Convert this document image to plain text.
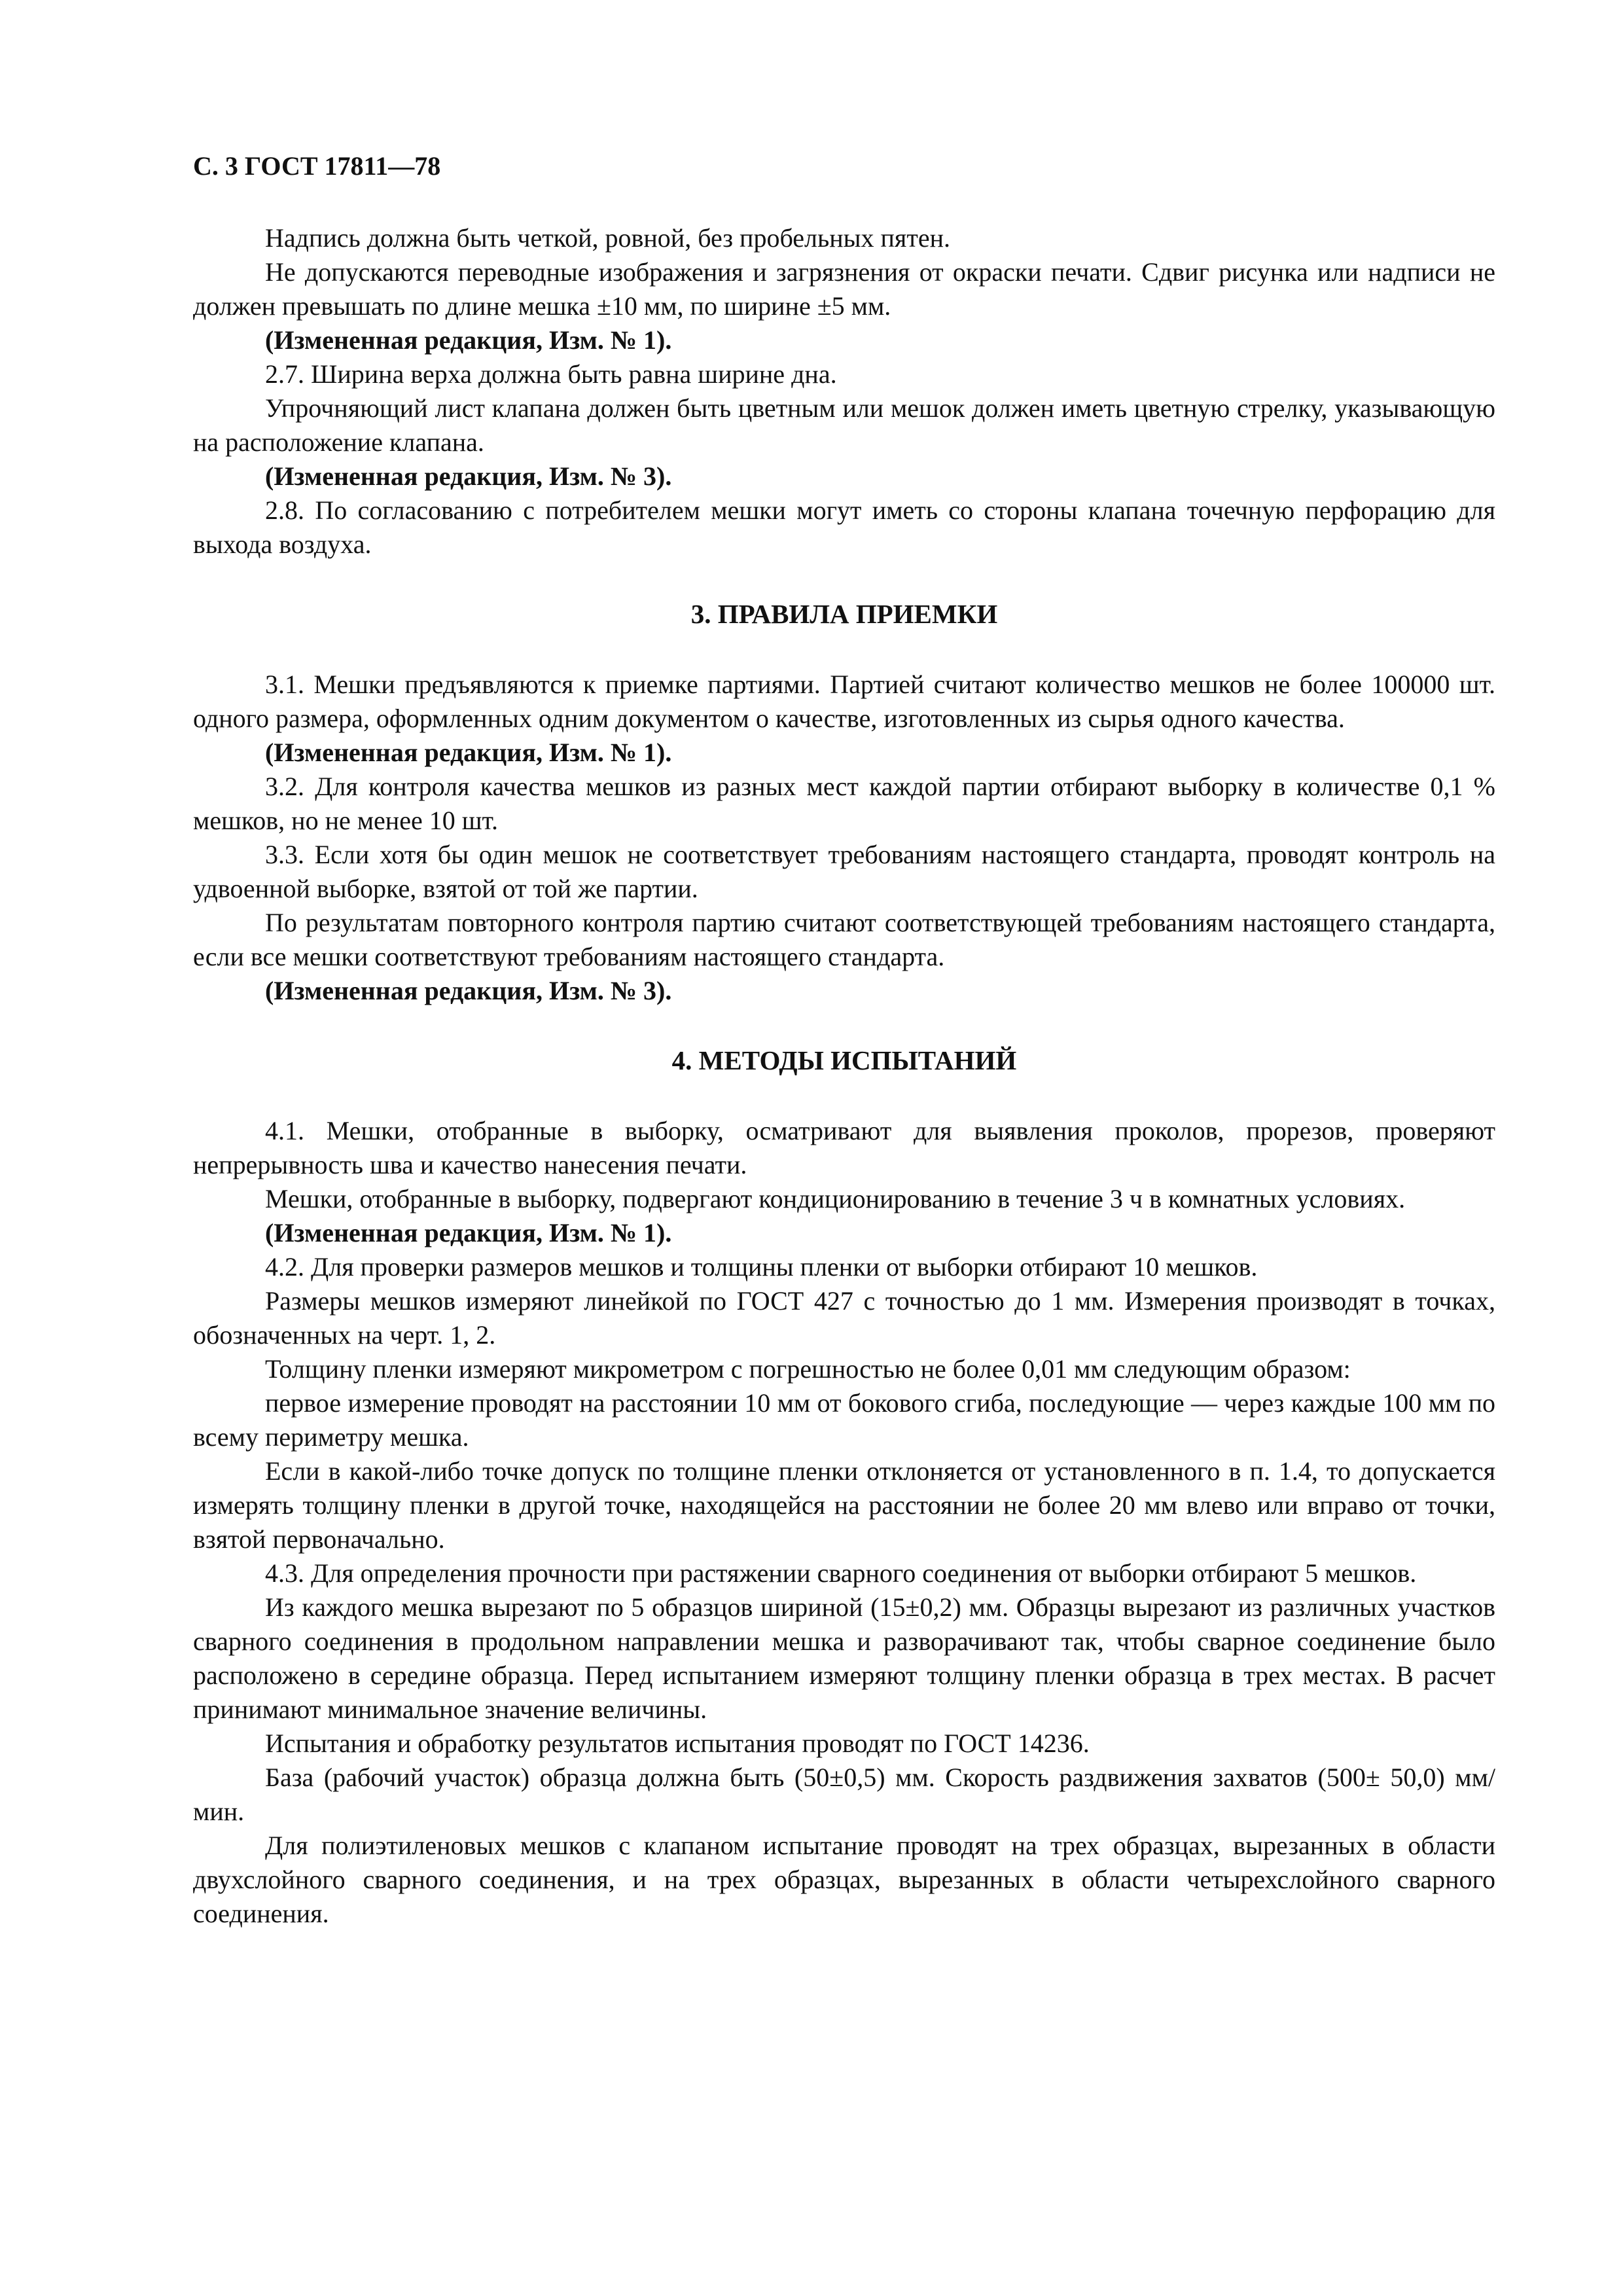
С. 3 ГОСТ 17811—78

Надпись должна быть четкой, ровной, без пробельных пятен.

Не допускаются переводные изображения и загрязнения от окраски печати. Сдвиг рисунка или надписи не должен превышать по длине мешка ±10 мм, по ширине ±5 мм.

(Измененная редакция, Изм. № 1).

2.7. Ширина верха должна быть равна ширине дна.

Упрочняющий лист клапана должен быть цветным или мешок должен иметь цветную стрелку, указывающую на расположение клапана.

(Измененная редакция, Изм. № 3).

2.8. По согласованию с потребителем мешки могут иметь со стороны клапана точечную перфорацию для выхода воздуха.

3. ПРАВИЛА ПРИЕМКИ

3.1. Мешки предъявляются к приемке партиями. Партией считают количество мешков не более 100000 шт. одного размера, оформленных одним документом о качестве, изготовленных из сырья одного качества.

(Измененная редакция, Изм. № 1).

3.2. Для контроля качества мешков из разных мест каждой партии отбирают выборку в количестве 0,1 % мешков, но не менее 10 шт.

3.3. Если хотя бы один мешок не соответствует требованиям настоящего стандарта, проводят контроль на удвоенной выборке, взятой от той же партии.

По результатам повторного контроля партию считают соответствующей требованиям настоящего стандарта, если все мешки соответствуют требованиям настоящего стандарта.

(Измененная редакция, Изм. № 3).

4. МЕТОДЫ ИСПЫТАНИЙ

4.1. Мешки, отобранные в выборку, осматривают для выявления проколов, прорезов, проверяют непрерывность шва и качество нанесения печати.

Мешки, отобранные в выборку, подвергают кондиционированию в течение 3 ч в комнатных условиях.

(Измененная редакция, Изм. № 1).

4.2. Для проверки размеров мешков и толщины пленки от выборки отбирают 10 мешков.

Размеры мешков измеряют линейкой по ГОСТ 427 с точностью до 1 мм. Измерения производят в точках, обозначенных на черт. 1, 2.

Толщину пленки измеряют микрометром с погрешностью не более 0,01 мм следующим образом:

первое измерение проводят на расстоянии 10 мм от бокового сгиба, последующие — через каждые 100 мм по всему периметру мешка.

Если в какой-либо точке допуск по толщине пленки отклоняется от установленного в п. 1.4, то допускается измерять толщину пленки в другой точке, находящейся на расстоянии не более 20 мм влево или вправо от точки, взятой первоначально.

4.3. Для определения прочности при растяжении сварного соединения от выборки отбирают 5 мешков.

Из каждого мешка вырезают по 5 образцов шириной (15±0,2) мм. Образцы вырезают из различных участков сварного соединения в продольном направлении мешка и разворачивают так, чтобы сварное соединение было расположено в середине образца. Перед испытанием измеряют толщину пленки образца в трех местах. В расчет принимают минимальное значение величины.

Испытания и обработку результатов испытания проводят по ГОСТ 14236.

База (рабочий участок) образца должна быть (50±0,5) мм. Скорость раздвижения захватов (500± 50,0) мм/мин.

Для полиэтиленовых мешков с клапаном испытание проводят на трех образцах, вырезанных в области двухслойного сварного соединения, и на трех образцах, вырезанных в области четырехслойного сварного соединения.
